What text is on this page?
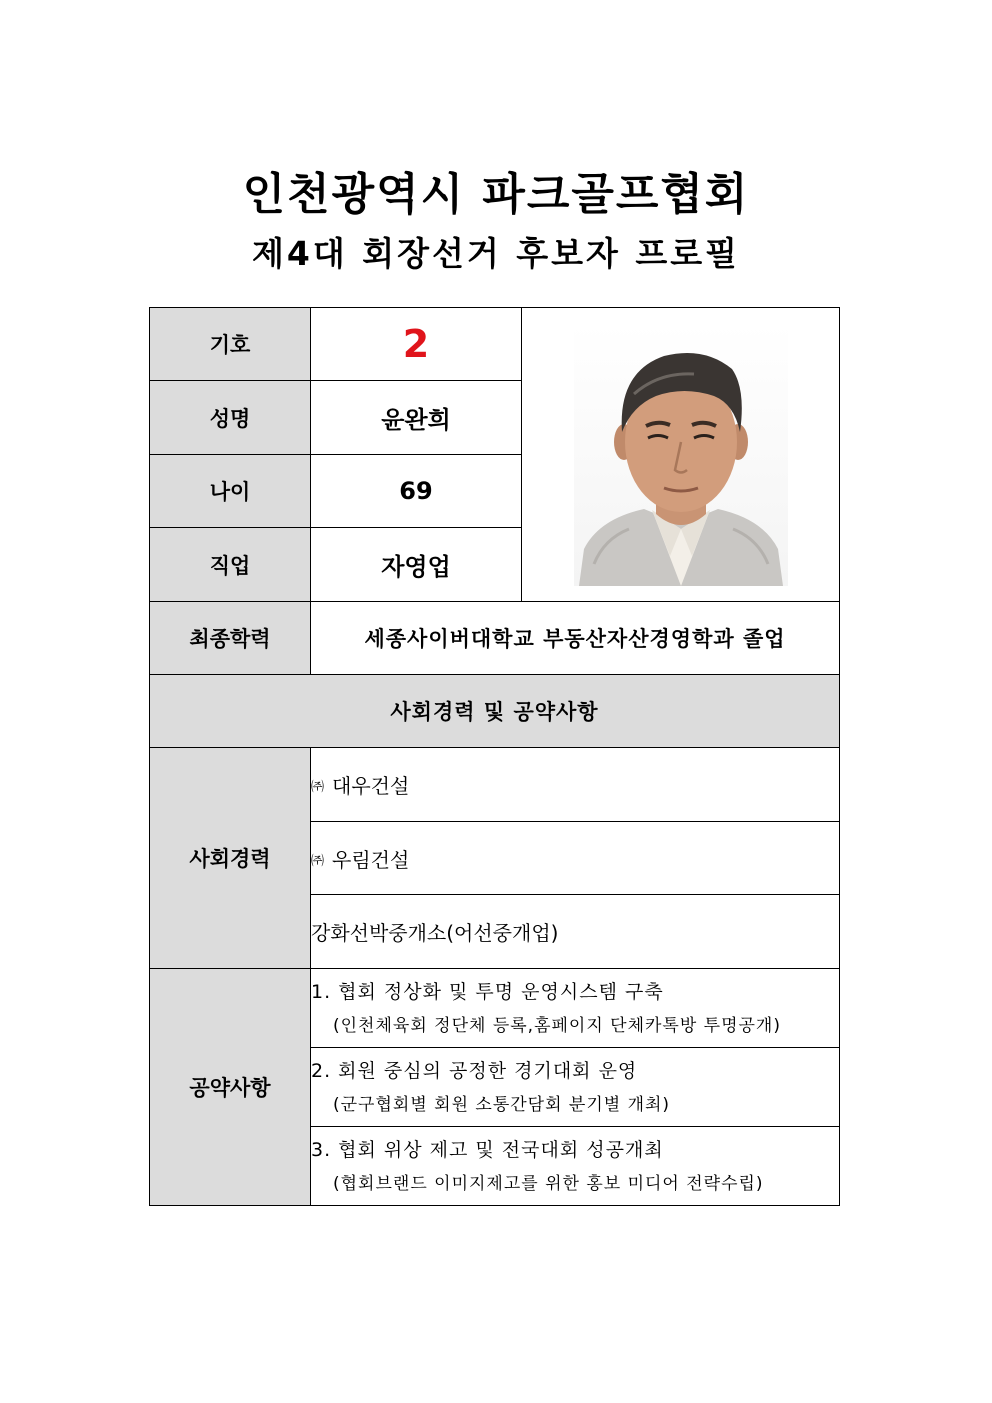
인천광역시 파크골프협회
제4대 회장선거 후보자 프로필
기호	2	

성명	윤완희	
나이	69	
직업	자영업	
최종학력	세종사이버대학교 부동산자산경영학과 졸업	
사회경력 및 공약사항		
사회경력	㈜ 대우건설	
	㈜ 우림건설	
	강화선박중개소(어선중개업)	
공약사항	1. 협회 정상화 및 투명 운영시스템 구축
(인천체육회 정단체 등록,홈페이지 단체카톡방 투명공개)	

	2. 회원 중심의 공정한 경기대회 운영
(군구협회별 회원 소통간담회 분기별 개최)	

	3. 협회 위상 제고 및 전국대회 성공개최
(협회브랜드 이미지제고를 위한 홍보 미디어 전략수립)	
